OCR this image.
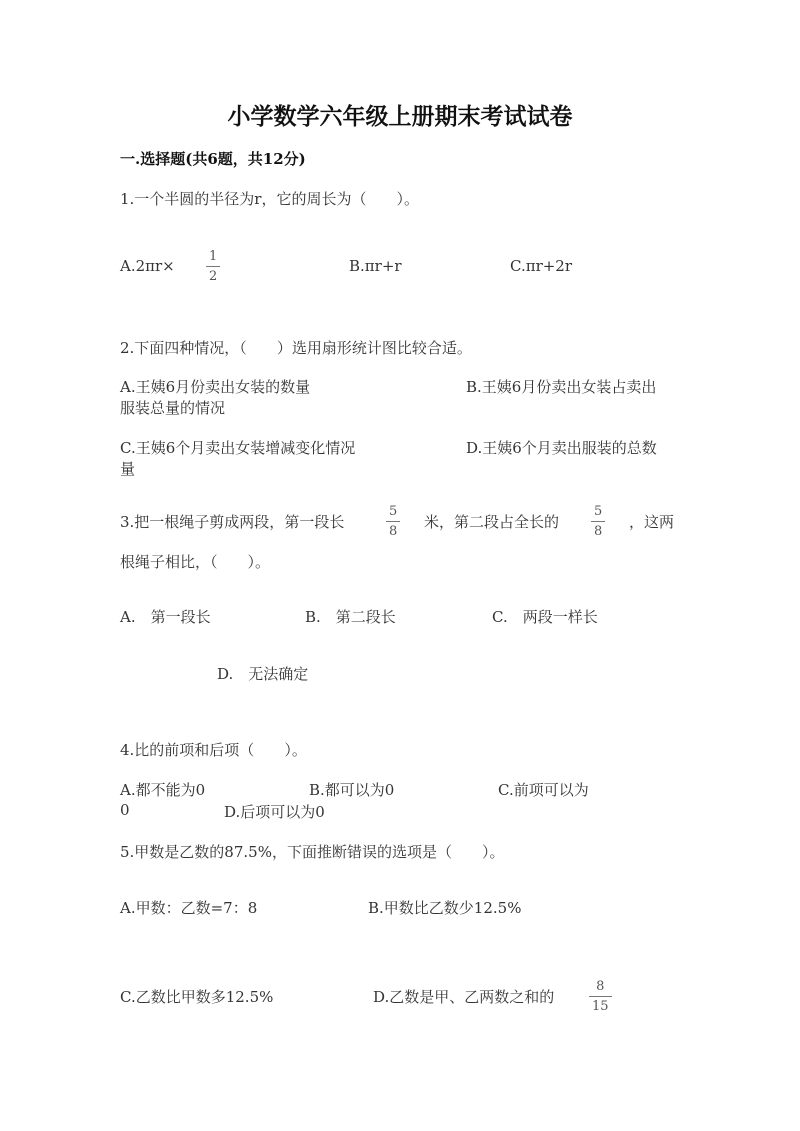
小学数学六年级上册期末考试试卷
一.选择题(共6题，共12分)
1.一个半圆的半径为r，它的周长为（　　）。
A.2πr×
1
2
B.πr+r	C.πr+2r
2.下面四种情况，（　　）选用扇形统计图比较合适。
A.王姨6月份卖出女装的数量	B.王姨6月份卖出女装占卖出
服装总量的情况
C.王姨6个月卖出女装增减变化情况	D.王姨6个月卖出服装的总数
量
3.把一根绳子剪成两段，第一段长
5
8
米，第二段占全长的
5
8
，这两
根绳子相比，（　　）。
A.　第一段长	B.　第二段长	C.　两段一样长
D.　无法确定
4.比的前项和后项（　　）。
A.都不能为0	B.都可以为0	C.前项可以为
0	D.后项可以为0
5.甲数是乙数的87.5%，下面推断错误的选项是（　　）。
A.甲数：乙数=7：8	B.甲数比乙数少12.5%
C.乙数比甲数多12.5%	D.乙数是甲、乙两数之和的
8
15
